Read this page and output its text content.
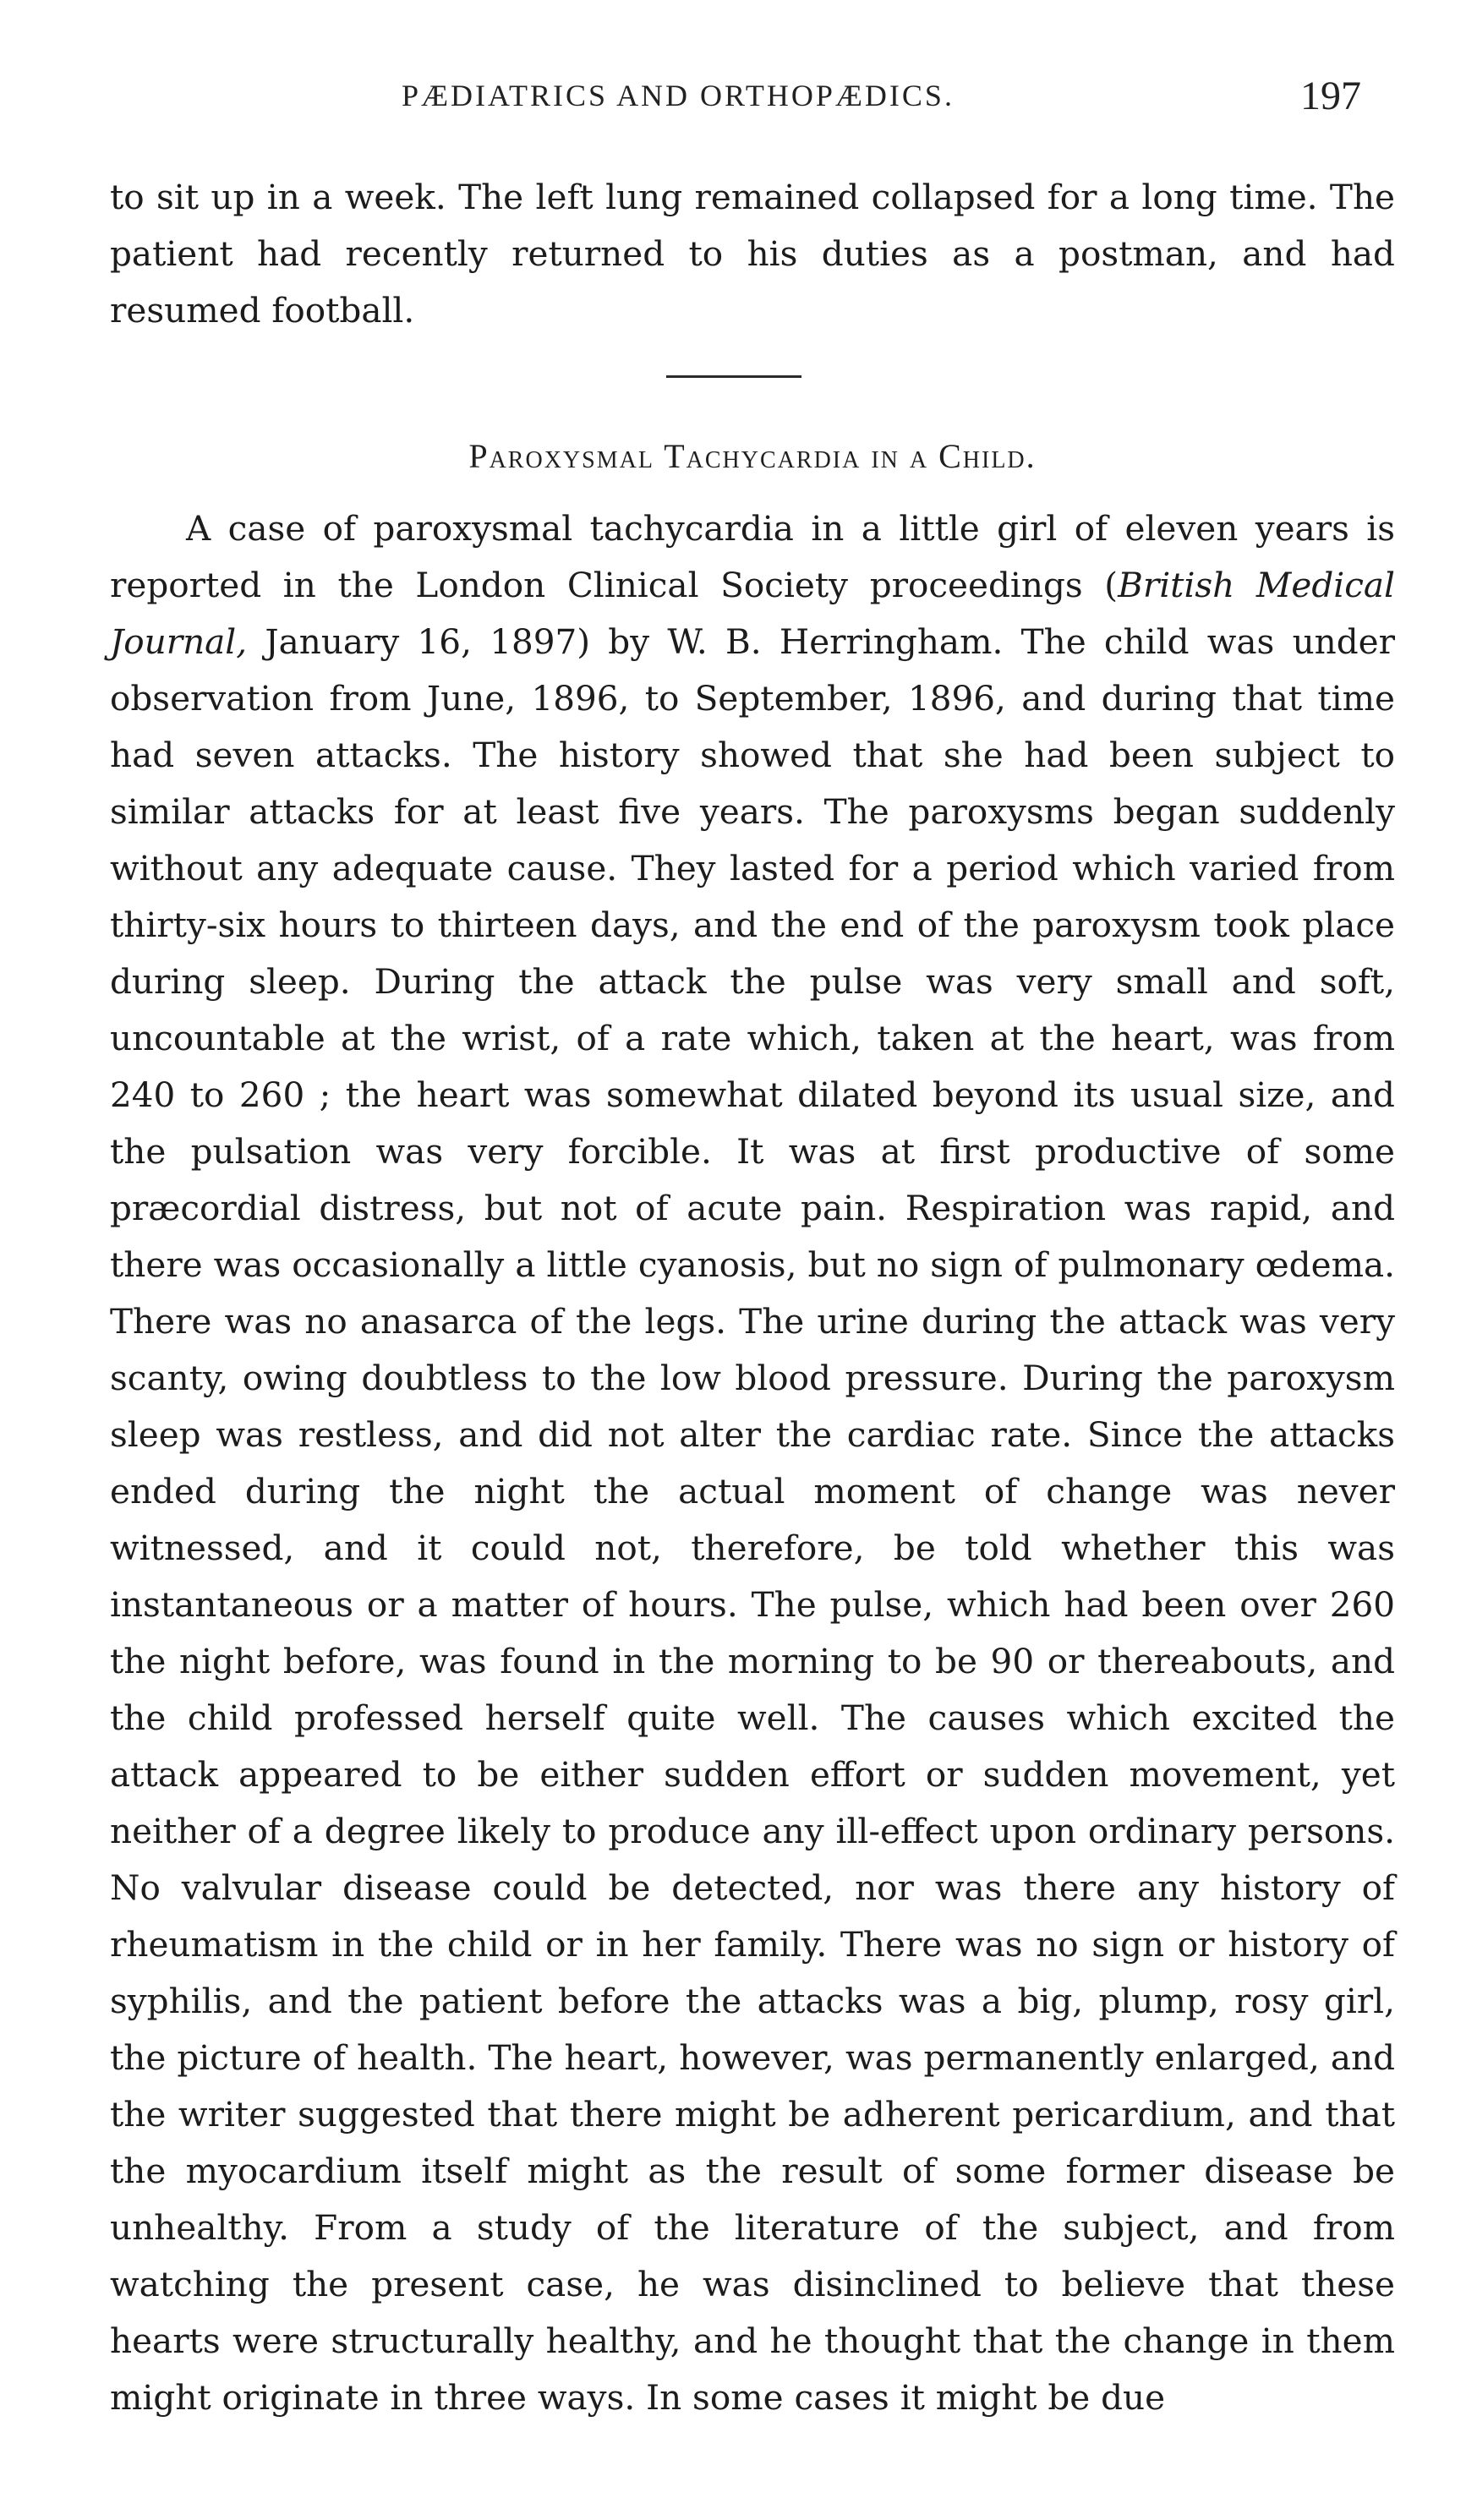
PÆDIATRICS AND ORTHOPÆDICS.	197
to sit up in a week. The left lung remained collapsed for a long time. The patient had recently returned to his duties as a postman, and had resumed football.
Paroxysmal Tachycardia in a Child.
A case of paroxysmal tachycardia in a little girl of eleven years is reported in the London Clinical Society proceedings (British Medical Journal, January 16, 1897) by W. B. Herringham. The child was under observation from June, 1896, to September, 1896, and during that time had seven attacks. The history showed that she had been subject to similar attacks for at least five years. The paroxysms began suddenly without any adequate cause. They lasted for a period which varied from thirty-six hours to thirteen days, and the end of the paroxysm took place during sleep. During the attack the pulse was very small and soft, uncountable at the wrist, of a rate which, taken at the heart, was from 240 to 260 ; the heart was somewhat dilated beyond its usual size, and the pulsation was very forcible. It was at first productive of some præcordial distress, but not of acute pain. Respiration was rapid, and there was occasionally a little cyanosis, but no sign of pulmonary œdema. There was no anasarca of the legs. The urine during the attack was very scanty, owing doubtless to the low blood pressure. During the paroxysm sleep was restless, and did not alter the cardiac rate. Since the attacks ended during the night the actual moment of change was never witnessed, and it could not, therefore, be told whether this was instantaneous or a matter of hours. The pulse, which had been over 260 the night before, was found in the morning to be 90 or thereabouts, and the child professed herself quite well. The causes which excited the attack appeared to be either sudden effort or sudden movement, yet neither of a degree likely to produce any ill-effect upon ordinary persons. No valvular disease could be detected, nor was there any history of rheumatism in the child or in her family. There was no sign or history of syphilis, and the patient before the attacks was a big, plump, rosy girl, the picture of health. The heart, however, was permanently enlarged, and the writer suggested that there might be adherent pericardium, and that the myocardium itself might as the result of some former disease be unhealthy. From a study of the literature of the subject, and from watching the present case, he was disinclined to believe that these hearts were structurally healthy, and he thought that the change in them might originate in three ways. In some cases it might be due
